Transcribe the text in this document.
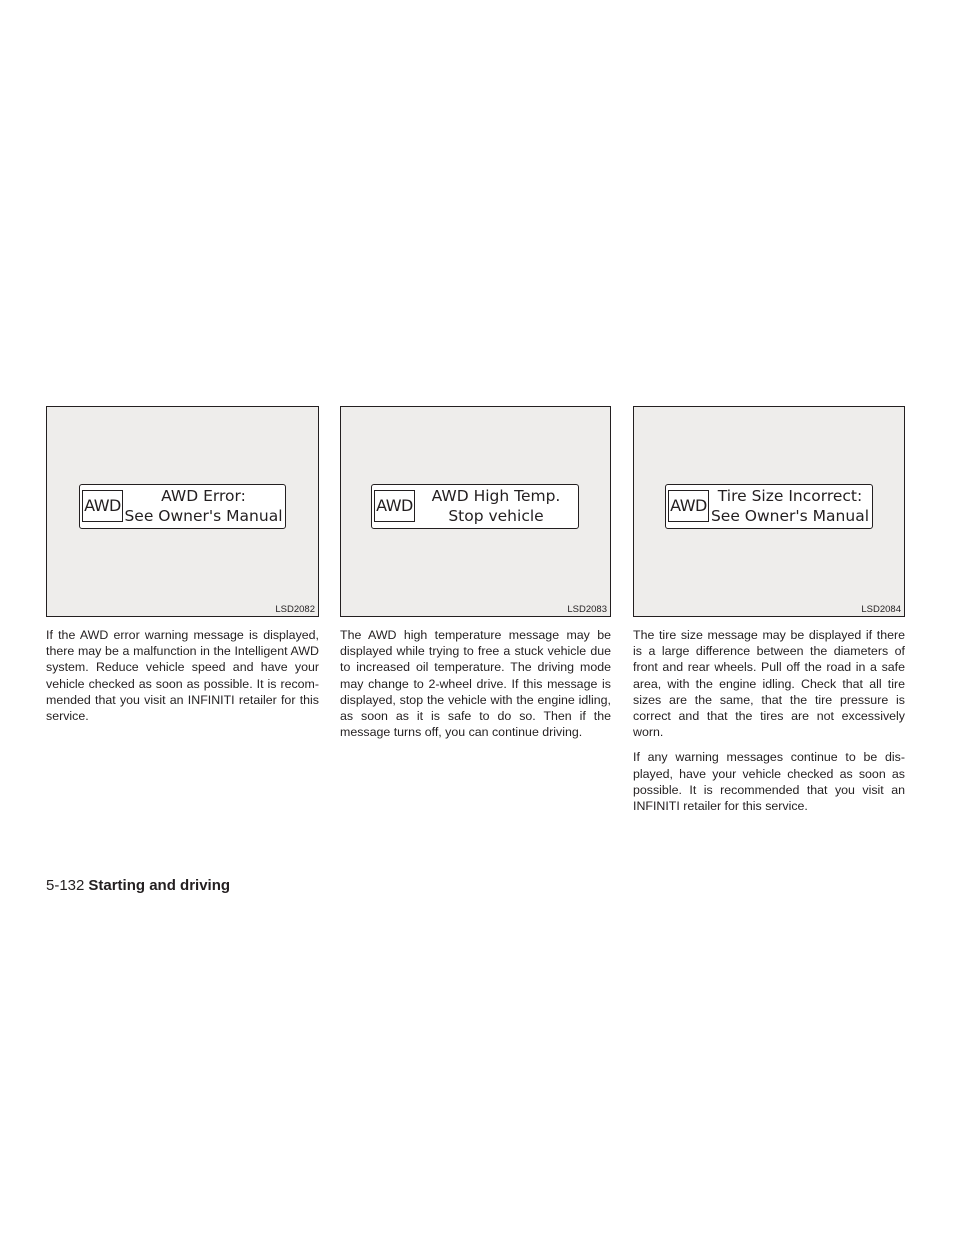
AWD	AWD Error:
See Owner's Manual
LSD2082
AWD	AWD High Temp.
Stop vehicle
LSD2083
AWD Tire Size Incorrect:
See Owner's Manual
LSD2084

If the AWD error warning message is displayed, there may be a malfunction in the Intelligent AWD system. Reduce vehicle speed and have your vehicle checked as soon as possible. It is recom-mended that you visit an INFINITI retailer for this service.

The AWD high temperature message may be displayed while trying to free a stuck vehicle due to increased oil temperature. The driving mode may change to 2-wheel drive. If this message is displayed, stop the vehicle with the engine idling, as soon as it is safe to do so. Then if the message turns off, you can continue driving.

The tire size message may be displayed if there is a large difference between the diameters of front and rear wheels. Pull off the road in a safe area, with the engine idling. Check that all tire sizes are the same, that the tire pressure is correct and that the tires are not excessively worn.

If any warning messages continue to be dis-played, have your vehicle checked as soon as possible. It is recommended that you visit an INFINITI retailer for this service.

5-132 Starting and driving
